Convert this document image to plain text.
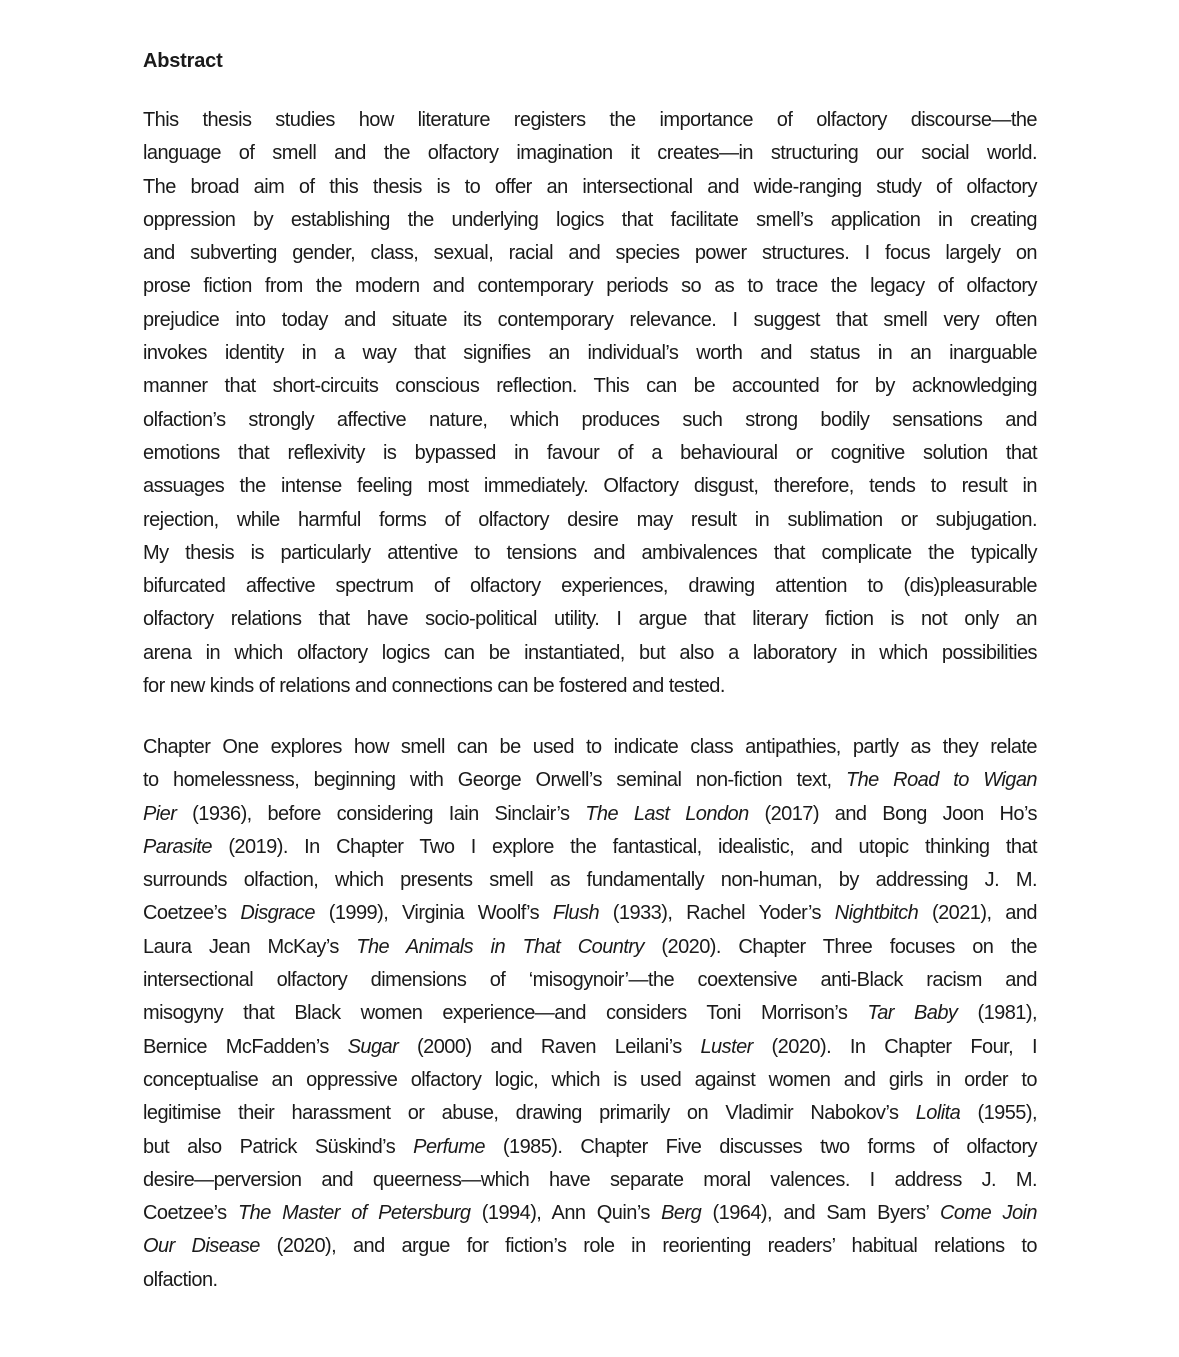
Abstract
This thesis studies how literature registers the importance of olfactory discourse—the
language of smell and the olfactory imagination it creates—in structuring our social world.
The broad aim of this thesis is to offer an intersectional and wide-ranging study of olfactory
oppression by establishing the underlying logics that facilitate smell’s application in creating
and subverting gender, class, sexual, racial and species power structures. I focus largely on
prose fiction from the modern and contemporary periods so as to trace the legacy of olfactory
prejudice into today and situate its contemporary relevance. I suggest that smell very often
invokes identity in a way that signifies an individual’s worth and status in an inarguable
manner that short-circuits conscious reflection. This can be accounted for by acknowledging
olfaction’s strongly affective nature, which produces such strong bodily sensations and
emotions that reflexivity is bypassed in favour of a behavioural or cognitive solution that
assuages the intense feeling most immediately. Olfactory disgust, therefore, tends to result in
rejection, while harmful forms of olfactory desire may result in sublimation or subjugation.
My thesis is particularly attentive to tensions and ambivalences that complicate the typically
bifurcated affective spectrum of olfactory experiences, drawing attention to (dis)pleasurable
olfactory relations that have socio-political utility. I argue that literary fiction is not only an
arena in which olfactory logics can be instantiated, but also a laboratory in which possibilities
for new kinds of relations and connections can be fostered and tested.
Chapter One explores how smell can be used to indicate class antipathies, partly as they relate
to homelessness, beginning with George Orwell’s seminal non-fiction text, The Road to Wigan
Pier (1936), before considering Iain Sinclair’s The Last London (2017) and Bong Joon Ho’s
Parasite (2019). In Chapter Two I explore the fantastical, idealistic, and utopic thinking that
surrounds olfaction, which presents smell as fundamentally non-human, by addressing J. M.
Coetzee’s Disgrace (1999), Virginia Woolf’s Flush (1933), Rachel Yoder’s Nightbitch (2021), and
Laura Jean McKay’s The Animals in That Country (2020). Chapter Three focuses on the
intersectional olfactory dimensions of ‘misogynoir’—the coextensive anti-Black racism and
misogyny that Black women experience—and considers Toni Morrison’s Tar Baby (1981),
Bernice McFadden’s Sugar (2000) and Raven Leilani’s Luster (2020). In Chapter Four, I
conceptualise an oppressive olfactory logic, which is used against women and girls in order to
legitimise their harassment or abuse, drawing primarily on Vladimir Nabokov’s Lolita (1955),
but also Patrick Süskind’s Perfume (1985). Chapter Five discusses two forms of olfactory
desire—perversion and queerness—which have separate moral valences. I address J. M.
Coetzee’s The Master of Petersburg (1994), Ann Quin’s Berg (1964), and Sam Byers’ Come Join
Our Disease (2020), and argue for fiction’s role in reorienting readers’ habitual relations to
olfaction.
